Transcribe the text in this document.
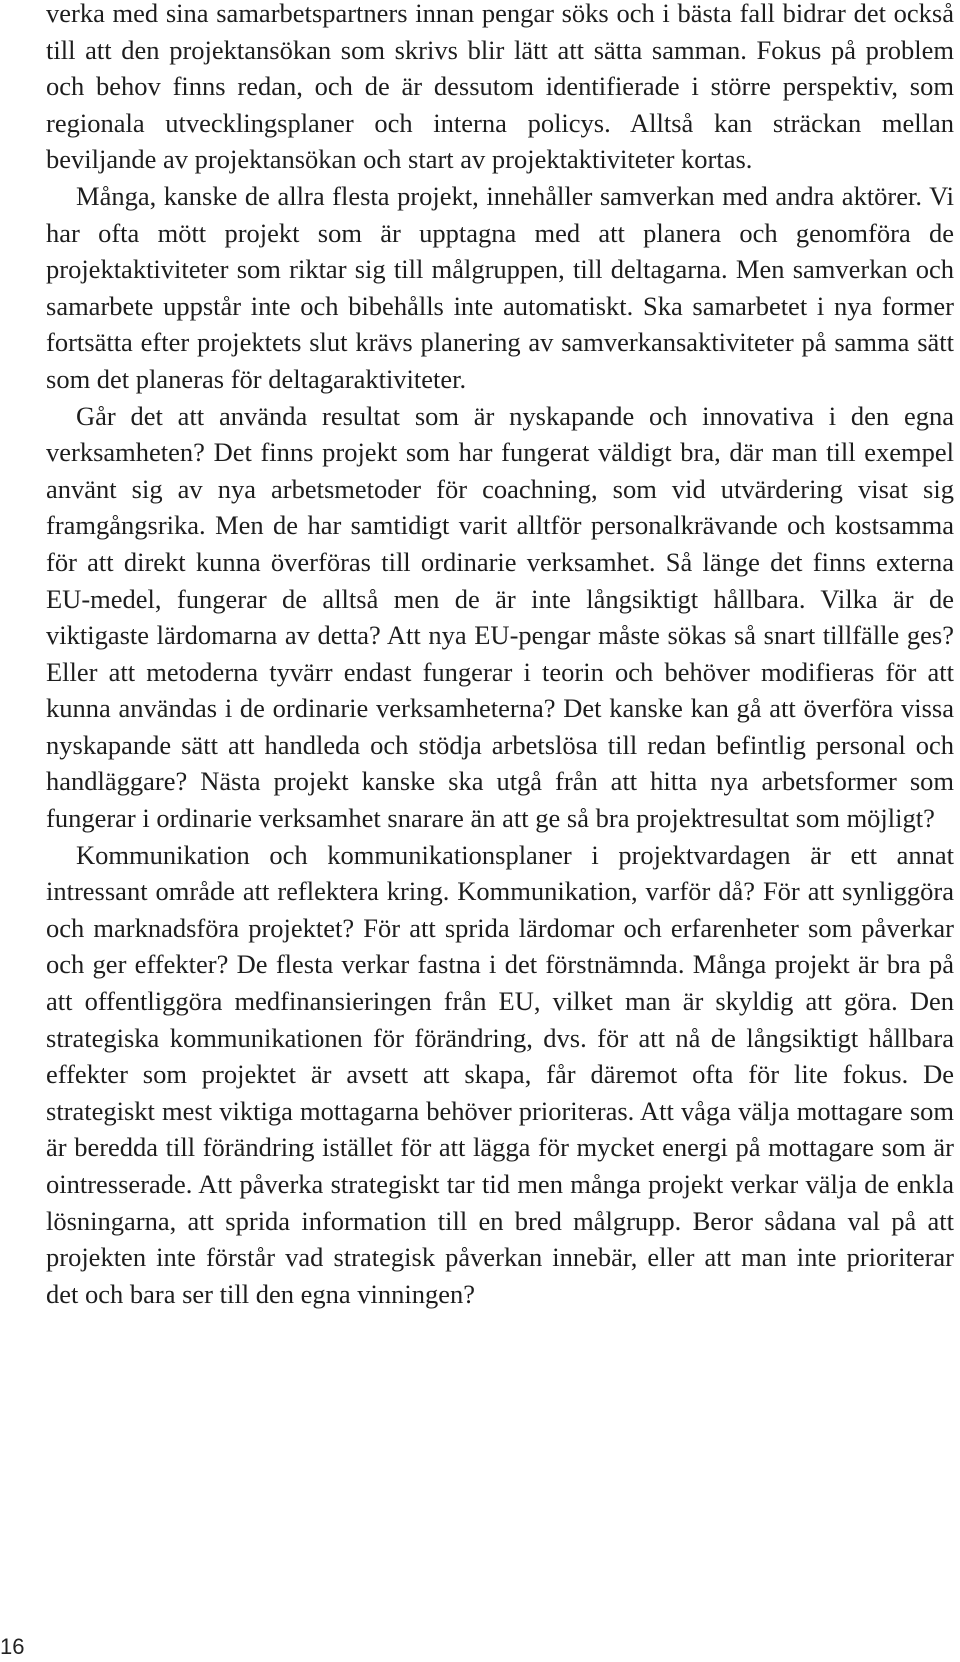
verka med sina samarbetspartners innan pengar söks och i bästa fall bidrar det också till att den projektansökan som skrivs blir lätt att sätta samman. Fokus på problem och behov finns redan, och de är dessutom identifierade i större perspektiv, som regionala utvecklingsplaner och interna policys. Alltså kan sträckan mellan beviljande av projektansökan och start av projektaktiviteter kortas.

Många, kanske de allra flesta projekt, innehåller samverkan med andra aktörer. Vi har ofta mött projekt som är upptagna med att planera och genomföra de projektaktiviteter som riktar sig till målgruppen, till deltagarna. Men samverkan och samarbete uppstår inte och bibehålls inte automatiskt. Ska samarbetet i nya former fortsätta efter projektets slut krävs planering av samverkansaktiviteter på samma sätt som det planeras för deltagaraktiviteter.

Går det att använda resultat som är nyskapande och innovativa i den egna verksamheten? Det finns projekt som har fungerat väldigt bra, där man till exempel använt sig av nya arbetsmetoder för coachning, som vid utvärdering visat sig framgångsrika. Men de har samtidigt varit alltför personalkrävande och kostsamma för att direkt kunna överföras till ordinarie verksamhet. Så länge det finns externa EU-medel, fungerar de alltså men de är inte långsiktigt hållbara. Vilka är de viktigaste lärdomarna av detta? Att nya EU-pengar måste sökas så snart tillfälle ges? Eller att metoderna tyvärr endast fungerar i teorin och behöver modifieras för att kunna användas i de ordinarie verksamheterna? Det kanske kan gå att överföra vissa nyskapande sätt att handleda och stödja arbetslösa till redan befintlig personal och handläggare? Nästa projekt kanske ska utgå från att hitta nya arbetsformer som fungerar i ordinarie verksamhet snarare än att ge så bra projektresultat som möjligt?

Kommunikation och kommunikationsplaner i projektvardagen är ett annat intressant område att reflektera kring. Kommunikation, varför då? För att synliggöra och marknadsföra projektet? För att sprida lärdomar och erfarenheter som påverkar och ger effekter? De flesta verkar fastna i det förstnämnda. Många projekt är bra på att offentliggöra medfinansieringen från EU, vilket man är skyldig att göra. Den strategiska kommunikationen för förändring, dvs. för att nå de långsiktigt hållbara effekter som projektet är avsett att skapa, får däremot ofta för lite fokus. De strategiskt mest viktiga mottagarna behöver prioriteras. Att våga välja mottagare som är beredda till förändring istället för att lägga för mycket energi på mottagare som är ointresserade. Att påverka strategiskt tar tid men många projekt verkar välja de enkla lösningarna, att sprida information till en bred målgrupp. Beror sådana val på att projekten inte förstår vad strategisk påverkan innebär, eller att man inte prioriterar det och bara ser till den egna vinningen?

16
